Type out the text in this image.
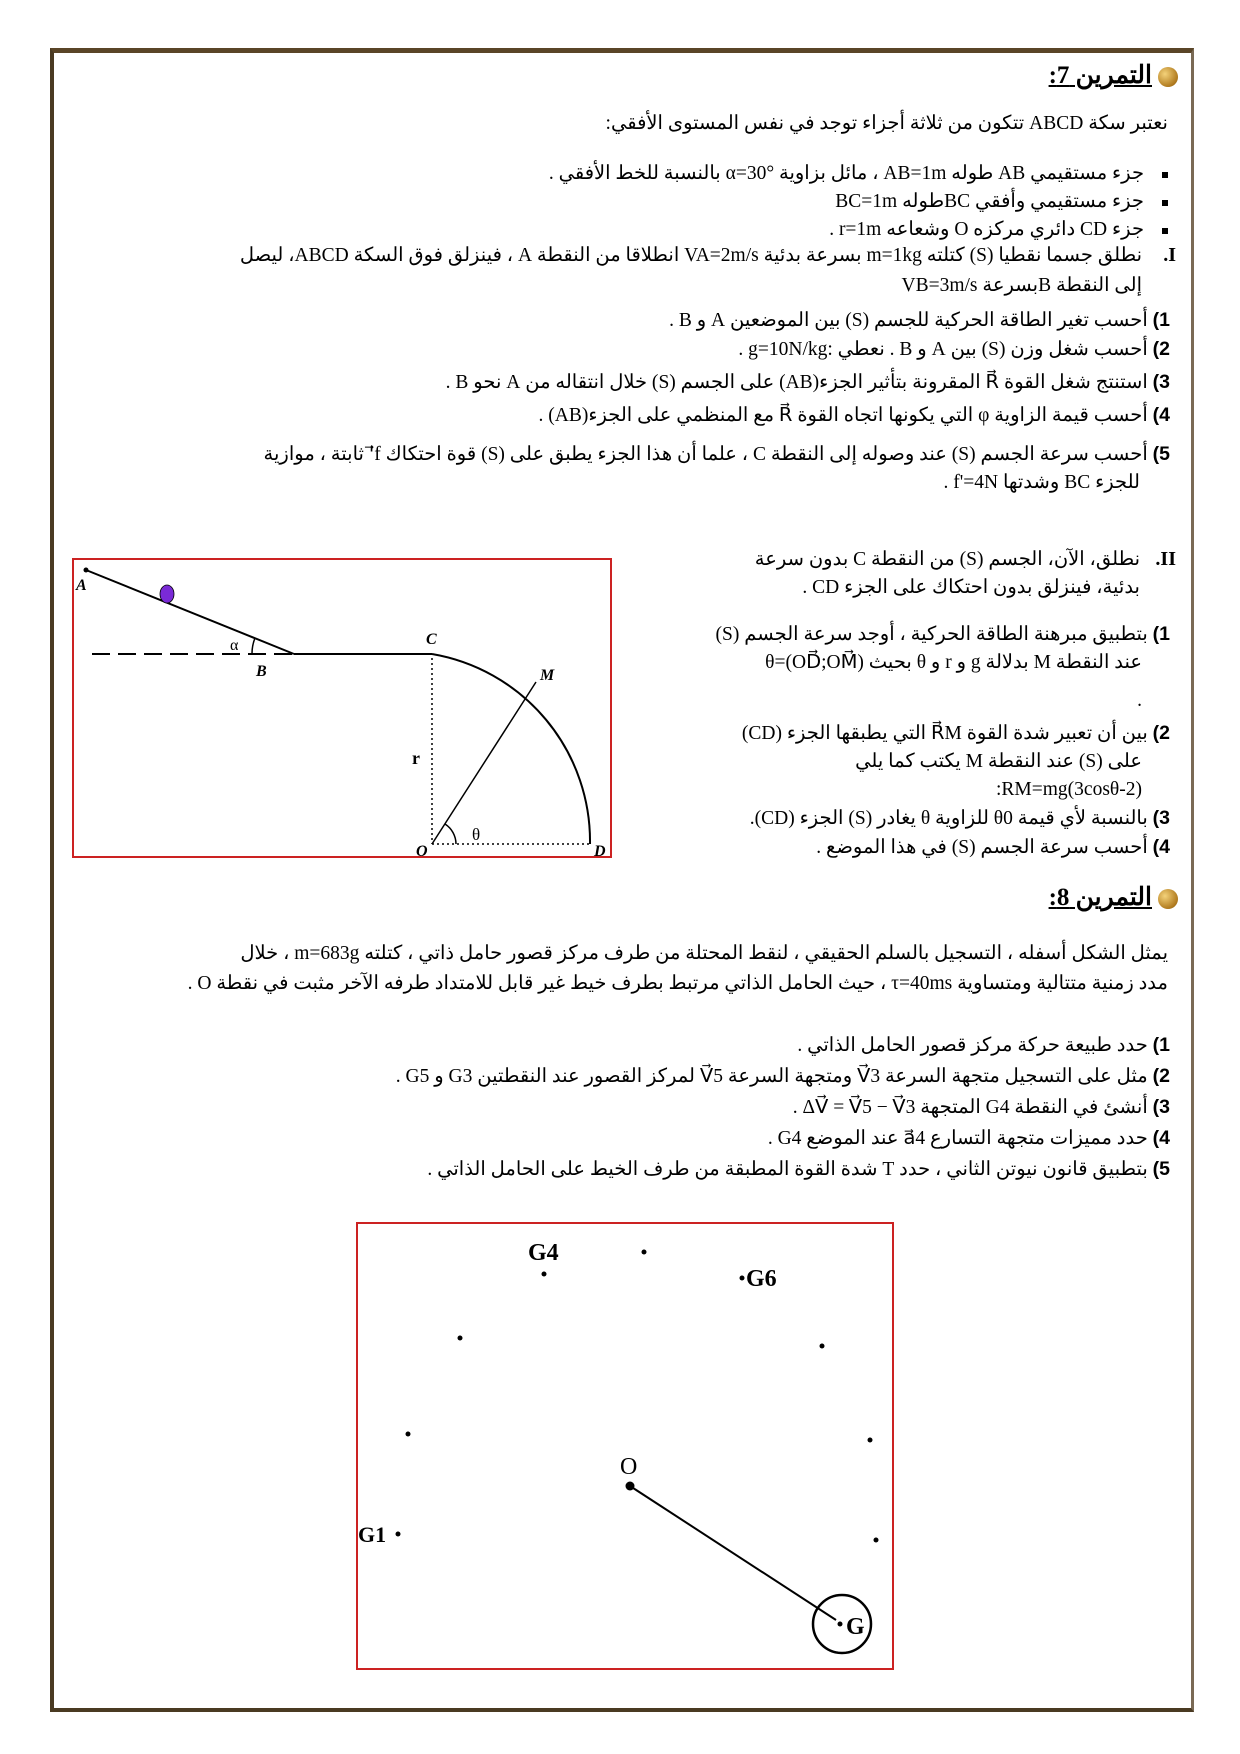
التمرين 7:
نعتبر سكة ABCD تتكون من ثلاثة أجزاء توجد في نفس المستوى الأفقي:
جزء مستقيمي AB طوله AB=1m ، مائل بزاوية α=30° بالنسبة للخط الأفقي .
جزء مستقيمي وأفقي BCطوله BC=1m
جزء CD دائري مركزه O وشعاعه r=1m .
I.
نطلق جسما نقطيا (S) كتلته m=1kg بسرعة بدئية VA=2m/s انطلاقا من النقطة A ، فينزلق فوق السكة ABCD، ليصل
إلى النقطة Bبسرعة VB=3m/s
1) أحسب تغير الطاقة الحركية للجسم (S) بين الموضعين A و B .
2) أحسب شغل وزن (S) بين A و B . نعطي :g=10N/kg .
3) استنتج شغل القوة R⃗ المقرونة بتأثير الجزء(AB) على الجسم (S) خلال انتقاله من A نحو B .
4) أحسب قيمة الزاوية φ التي يكونها اتجاه القوة R⃗ مع المنظمي على الجزء(AB) .
5) أحسب سرعة الجسم (S) عند وصوله إلى النقطة C ، علما أن هذا الجزء يطبق على (S) قوة احتكاك f'⃗ ثابتة ، موازية
للجزء BC وشدتها f'=4N .
II.
نطلق، الآن، الجسم (S) من النقطة C بدون سرعة
بدئية، فينزلق بدون احتكاك على الجزء CD .
1) بتطبيق مبرهنة الطاقة الحركية ، أوجد سرعة الجسم (S)
عند النقطة M بدلالة g و r و θ بحيث θ=(OD⃗;OM⃗)
.
2) بين أن تعبير شدة القوة R⃗M التي يطبقها الجزء (CD)
على (S) عند النقطة M يكتب كما يلي
RM=mg(3cosθ-2):
3) بالنسبة لأي قيمة θ0 للزاوية θ يغادر (S) الجزء (CD).
4) أحسب سرعة الجسم (S) في هذا الموضع .
A
B
C
D
M
O
r
α
θ
التمرين 8:
يمثل الشكل أسفله ، التسجيل بالسلم الحقيقي ، لنقط المحتلة من طرف مركز قصور حامل ذاتي ، كتلته m=683g ، خلال
مدد زمنية متتالية ومتساوية τ=40ms ، حيث الحامل الذاتي مرتبط بطرف خيط غير قابل للامتداد طرفه الآخر مثبت في نقطة O .
1) حدد طبيعة حركة مركز قصور الحامل الذاتي .
2) مثل على التسجيل متجهة السرعة V⃗3 ومتجهة السرعة V⃗5 لمركز القصور عند النقطتين G3 و G5 .
3) أنشئ في النقطة G4 المتجهة ΔV⃗ = V⃗5 − V⃗3 .
4) حدد مميزات متجهة التسارع a⃗4 عند الموضع G4 .
5) بتطبيق قانون نيوتن الثاني ، حدد T شدة القوة المطبقة من طرف الخيط على الحامل الذاتي .
G1
G4
G6
G
O
